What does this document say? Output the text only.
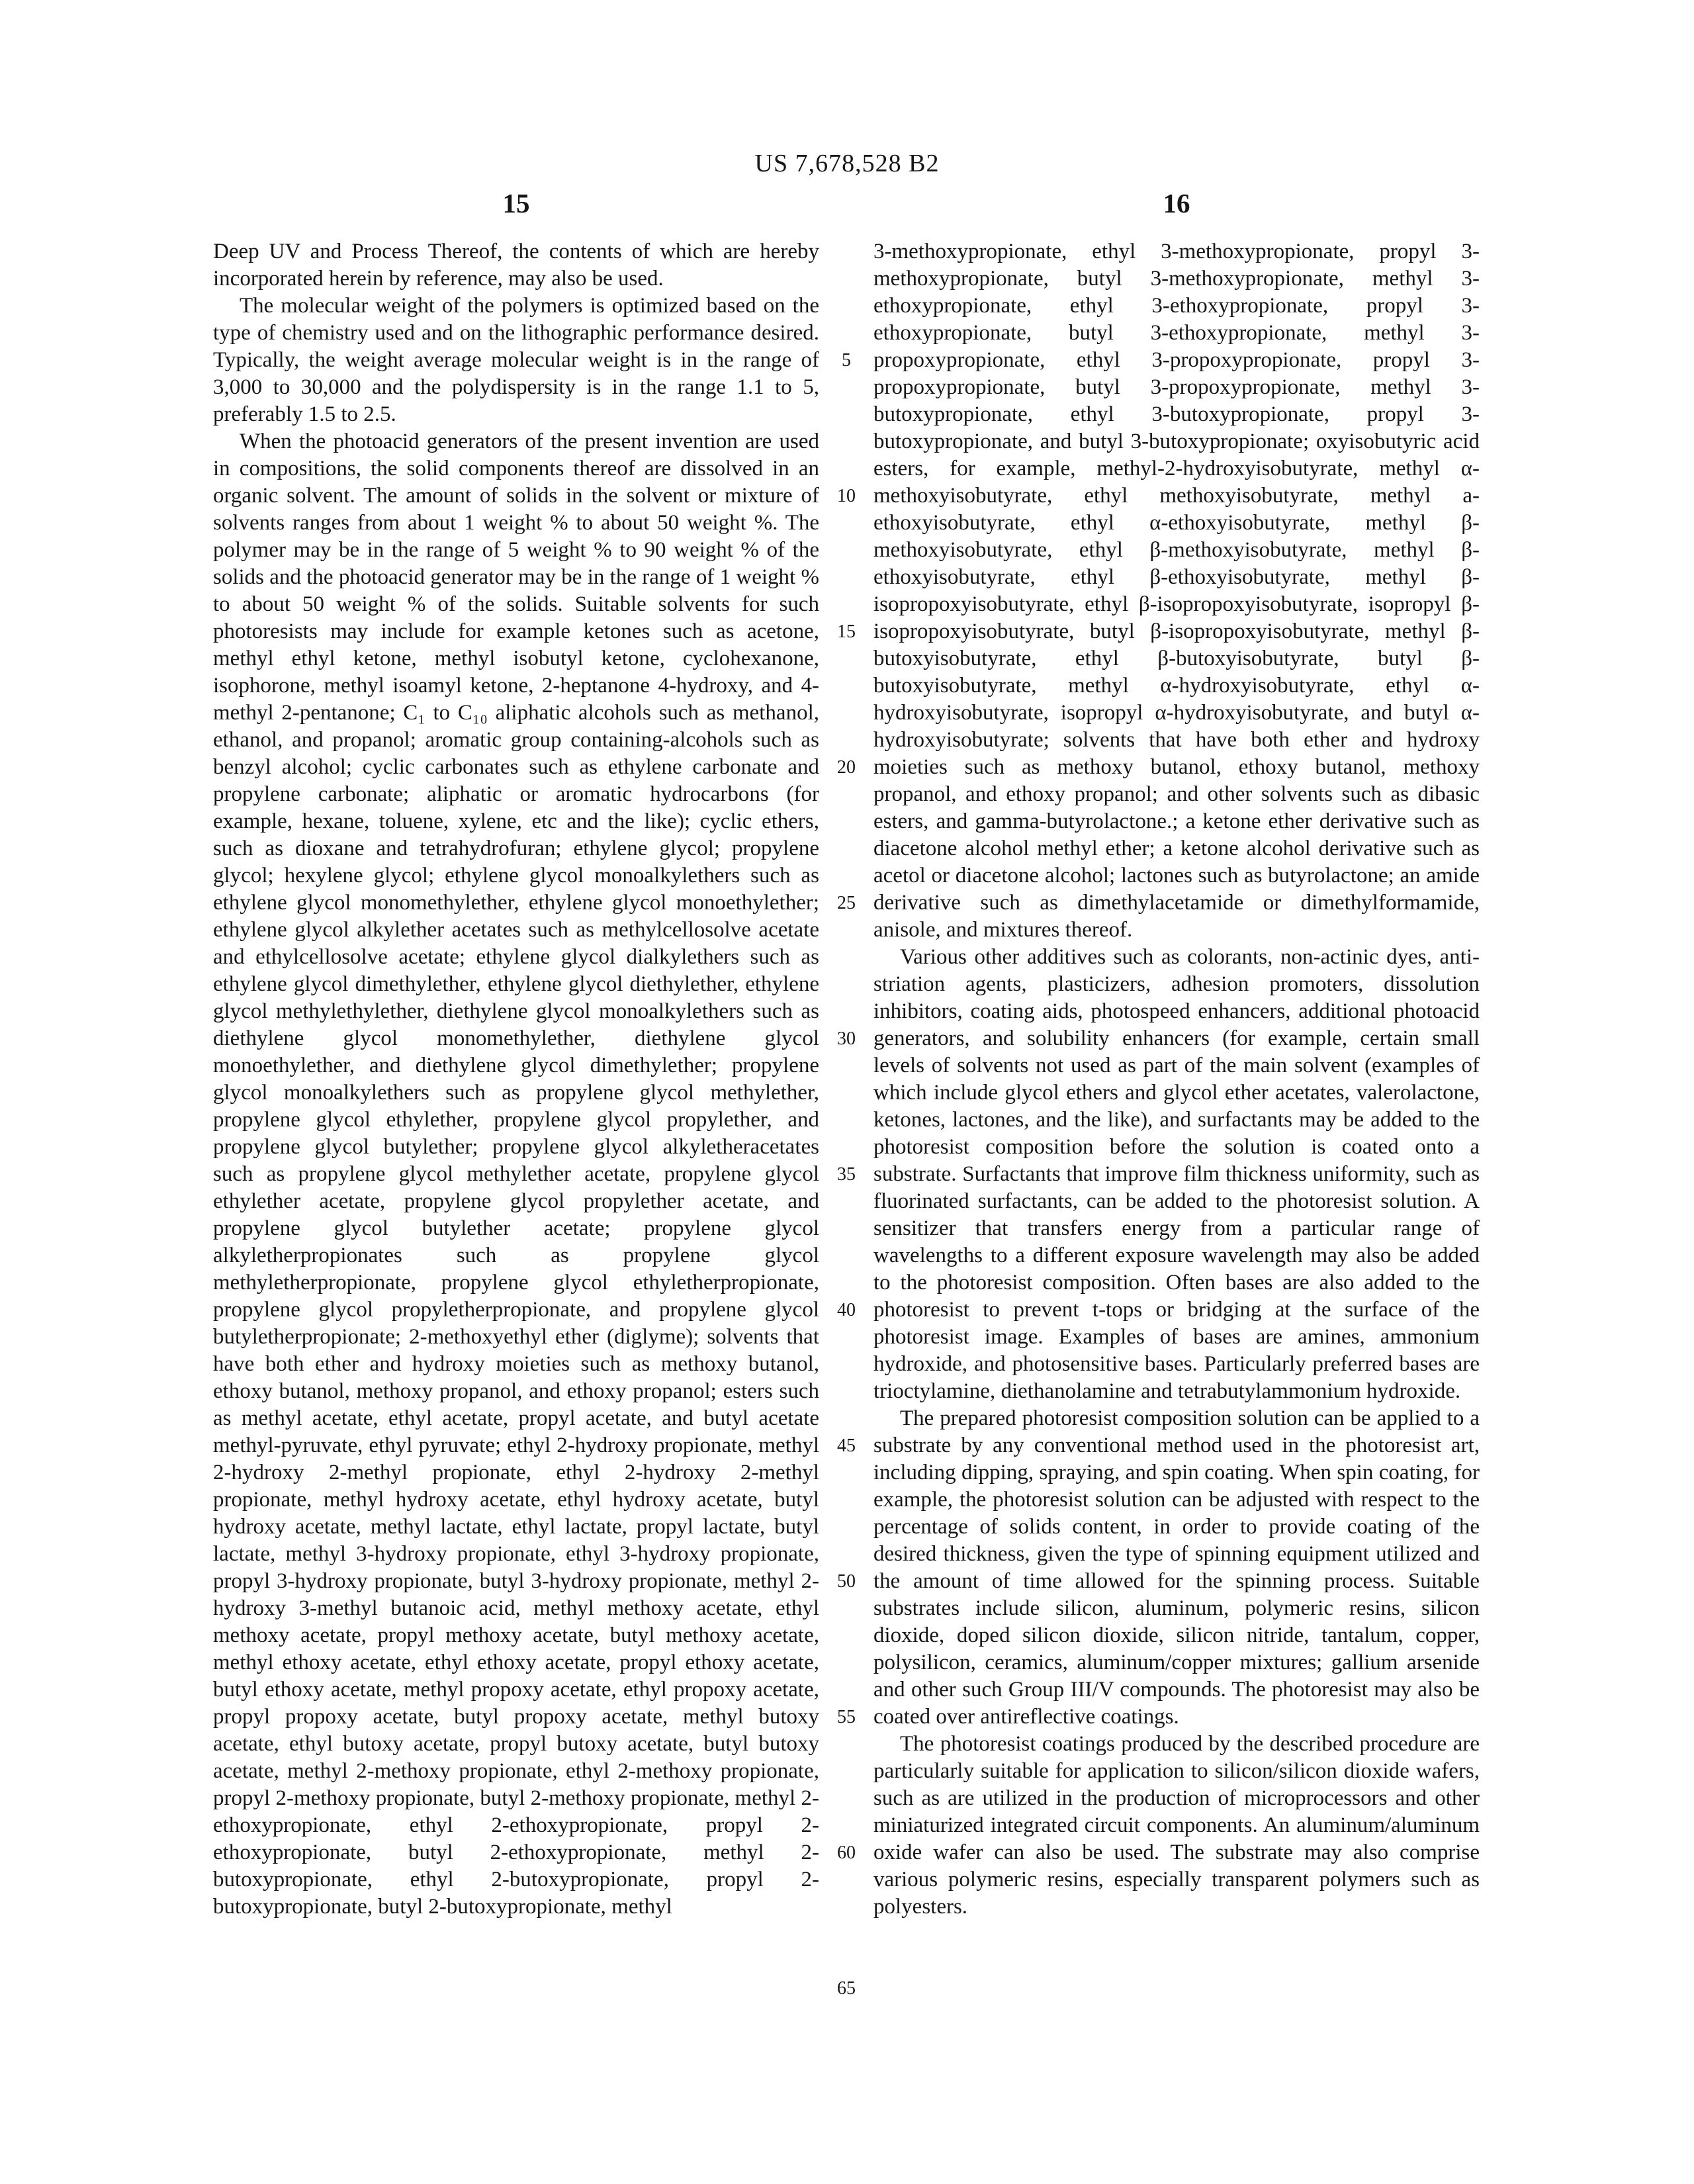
US 7,678,528 B2
15	16
5
10
15
20
25
30
35
40
45
50
55
60
65

Deep UV and Process Thereof, the contents of which are hereby incorporated herein by reference, may also be used.

The molecular weight of the polymers is optimized based on the type of chemistry used and on the lithographic performance desired. Typically, the weight average molecular weight is in the range of 3,000 to 30,000 and the polydispersity is in the range 1.1 to 5, preferably 1.5 to 2.5.

When the photoacid generators of the present invention are used in compositions, the solid components thereof are dissolved in an organic solvent. The amount of solids in the solvent or mixture of solvents ranges from about 1 weight % to about 50 weight %. The polymer may be in the range of 5 weight % to 90 weight % of the solids and the photoacid generator may be in the range of 1 weight % to about 50 weight % of the solids. Suitable solvents for such photoresists may include for example ketones such as acetone, methyl ethyl ketone, methyl isobutyl ketone, cyclohexanone, isophorone, methyl isoamyl ketone, 2-heptanone 4-hydroxy, and 4-methyl 2-pentanone; C₁ to C₁₀ aliphatic alcohols such as methanol, ethanol, and propanol; aromatic group containing-alcohols such as benzyl alcohol; cyclic carbonates such as ethylene carbonate and propylene carbonate; aliphatic or aromatic hydrocarbons (for example, hexane, toluene, xylene, etc and the like); cyclic ethers, such as dioxane and tetrahydrofuran; ethylene glycol; propylene glycol; hexylene glycol; ethylene glycol monoalkylethers such as ethylene glycol monomethylether, ethylene glycol monoethylether; ethylene glycol alkylether acetates such as methylcellosolve acetate and ethylcellosolve acetate; ethylene glycol dialkylethers such as ethylene glycol dimethylether, ethylene glycol diethylether, ethylene glycol methylethylether, diethylene glycol monoalkylethers such as diethylene glycol monomethylether, diethylene glycol monoethylether, and diethylene glycol dimethylether; propylene glycol monoalkylethers such as propylene glycol methylether, propylene glycol ethylether, propylene glycol propylether, and propylene glycol butylether; propylene glycol alkyletheracetates such as propylene glycol methylether acetate, propylene glycol ethylether acetate, propylene glycol propylether acetate, and propylene glycol butylether acetate; propylene glycol alkyletherpropionates such as propylene glycol methyletherpropionate, propylene glycol ethyletherpropionate, propylene glycol propyletherpropionate, and propylene glycol butyletherpropionate; 2-methoxyethyl ether (diglyme); solvents that have both ether and hydroxy moieties such as methoxy butanol, ethoxy butanol, methoxy propanol, and ethoxy propanol; esters such as methyl acetate, ethyl acetate, propyl acetate, and butyl acetate methyl-pyruvate, ethyl pyruvate; ethyl 2-hydroxy propionate, methyl 2-hydroxy 2-methyl propionate, ethyl 2-hydroxy 2-methyl propionate, methyl hydroxy acetate, ethyl hydroxy acetate, butyl hydroxy acetate, methyl lactate, ethyl lactate, propyl lactate, butyl lactate, methyl 3-hydroxy propionate, ethyl 3-hydroxy propionate, propyl 3-hydroxy propionate, butyl 3-hydroxy propionate, methyl 2-hydroxy 3-methyl butanoic acid, methyl methoxy acetate, ethyl methoxy acetate, propyl methoxy acetate, butyl methoxy acetate, methyl ethoxy acetate, ethyl ethoxy acetate, propyl ethoxy acetate, butyl ethoxy acetate, methyl propoxy acetate, ethyl propoxy acetate, propyl propoxy acetate, butyl propoxy acetate, methyl butoxy acetate, ethyl butoxy acetate, propyl butoxy acetate, butyl butoxy acetate, methyl 2-methoxy propionate, ethyl 2-methoxy propionate, propyl 2-methoxy propionate, butyl 2-methoxy propionate, methyl 2-ethoxypropionate, ethyl 2-ethoxypropionate, propyl 2-ethoxypropionate, butyl 2-ethoxypropionate, methyl 2-butoxypropionate, ethyl 2-butoxypropionate, propyl 2-butoxypropionate, butyl 2-butoxypropionate, methyl

3-methoxypropionate, ethyl 3-methoxypropionate, propyl 3-methoxypropionate, butyl 3-methoxypropionate, methyl 3-ethoxypropionate, ethyl 3-ethoxypropionate, propyl 3-ethoxypropionate, butyl 3-ethoxypropionate, methyl 3-propoxypropionate, ethyl 3-propoxypropionate, propyl 3-propoxypropionate, butyl 3-propoxypropionate, methyl 3-butoxypropionate, ethyl 3-butoxypropionate, propyl 3-butoxypropionate, and butyl 3-butoxypropionate; oxyisobutyric acid esters, for example, methyl-2-hydroxyisobutyrate, methyl α-methoxyisobutyrate, ethyl methoxyisobutyrate, methyl a-ethoxyisobutyrate, ethyl α-ethoxyisobutyrate, methyl β-methoxyisobutyrate, ethyl β-methoxyisobutyrate, methyl β-ethoxyisobutyrate, ethyl β-ethoxyisobutyrate, methyl β-isopropoxyisobutyrate, ethyl β-isopropoxyisobutyrate, isopropyl β-isopropoxyisobutyrate, butyl β-isopropoxyisobutyrate, methyl β-butoxyisobutyrate, ethyl β-butoxyisobutyrate, butyl β-butoxyisobutyrate, methyl α-hydroxyisobutyrate, ethyl α-hydroxyisobutyrate, isopropyl α-hydroxyisobutyrate, and butyl α-hydroxyisobutyrate; solvents that have both ether and hydroxy moieties such as methoxy butanol, ethoxy butanol, methoxy propanol, and ethoxy propanol; and other solvents such as dibasic esters, and gamma-butyrolactone.; a ketone ether derivative such as diacetone alcohol methyl ether; a ketone alcohol derivative such as acetol or diacetone alcohol; lactones such as butyrolactone; an amide derivative such as dimethylacetamide or dimethylformamide, anisole, and mixtures thereof.

Various other additives such as colorants, non-actinic dyes, anti-striation agents, plasticizers, adhesion promoters, dissolution inhibitors, coating aids, photospeed enhancers, additional photoacid generators, and solubility enhancers (for example, certain small levels of solvents not used as part of the main solvent (examples of which include glycol ethers and glycol ether acetates, valerolactone, ketones, lactones, and the like), and surfactants may be added to the photoresist composition before the solution is coated onto a substrate. Surfactants that improve film thickness uniformity, such as fluorinated surfactants, can be added to the photoresist solution. A sensitizer that transfers energy from a particular range of wavelengths to a different exposure wavelength may also be added to the photoresist composition. Often bases are also added to the photoresist to prevent t-tops or bridging at the surface of the photoresist image. Examples of bases are amines, ammonium hydroxide, and photosensitive bases. Particularly preferred bases are trioctylamine, diethanolamine and tetrabutylammonium hydroxide.

The prepared photoresist composition solution can be applied to a substrate by any conventional method used in the photoresist art, including dipping, spraying, and spin coating. When spin coating, for example, the photoresist solution can be adjusted with respect to the percentage of solids content, in order to provide coating of the desired thickness, given the type of spinning equipment utilized and the amount of time allowed for the spinning process. Suitable substrates include silicon, aluminum, polymeric resins, silicon dioxide, doped silicon dioxide, silicon nitride, tantalum, copper, polysilicon, ceramics, aluminum/copper mixtures; gallium arsenide and other such Group III/V compounds. The photoresist may also be coated over antireflective coatings.

The photoresist coatings produced by the described procedure are particularly suitable for application to silicon/silicon dioxide wafers, such as are utilized in the production of microprocessors and other miniaturized integrated circuit components. An aluminum/aluminum oxide wafer can also be used. The substrate may also comprise various polymeric resins, especially transparent polymers such as polyesters.
